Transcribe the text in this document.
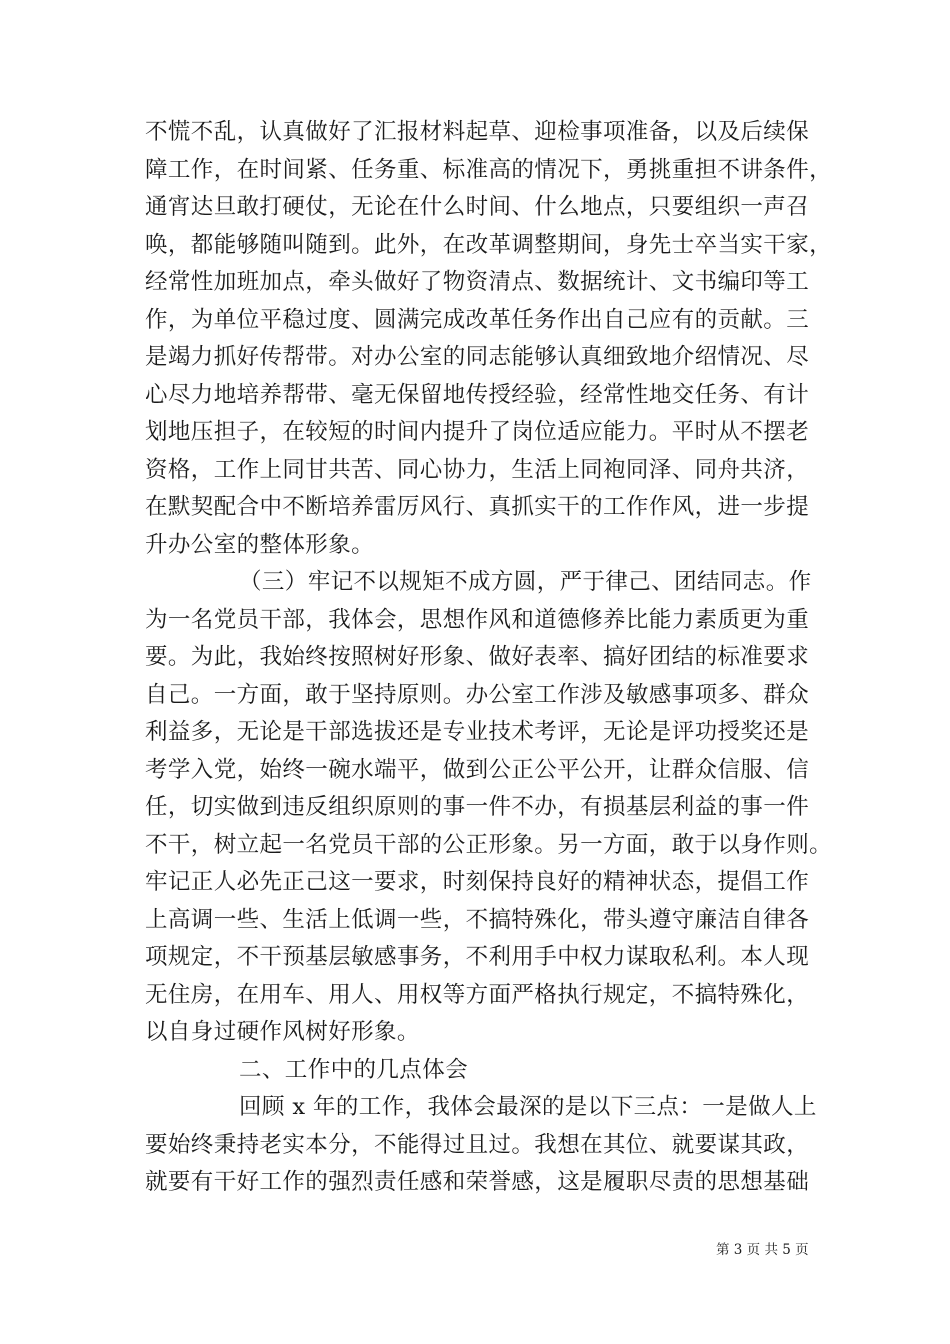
不慌不乱，认真做好了汇报材料起草、迎检事项准备，以及后续保
障工作，在时间紧、任务重、标准高的情况下，勇挑重担不讲条件，
通宵达旦敢打硬仗，无论在什么时间、什么地点，只要组织一声召
唤，都能够随叫随到。此外，在改革调整期间，身先士卒当实干家，
经常性加班加点，牵头做好了物资清点、数据统计、文书编印等工
作，为单位平稳过度、圆满完成改革任务作出自己应有的贡献。三
是竭力抓好传帮带。对办公室的同志能够认真细致地介绍情况、尽
心尽力地培养帮带、毫无保留地传授经验，经常性地交任务、有计
划地压担子，在较短的时间内提升了岗位适应能力。平时从不摆老
资格，工作上同甘共苦、同心协力，生活上同袍同泽、同舟共济，
在默契配合中不断培养雷厉风行、真抓实干的工作作风，进一步提
升办公室的整体形象。
（三）牢记不以规矩不成方圆，严于律己、团结同志。作
为一名党员干部，我体会，思想作风和道德修养比能力素质更为重
要。为此，我始终按照树好形象、做好表率、搞好团结的标准要求
自己。一方面，敢于坚持原则。办公室工作涉及敏感事项多、群众
利益多，无论是干部选拔还是专业技术考评，无论是评功授奖还是
考学入党，始终一碗水端平，做到公正公平公开，让群众信服、信
任，切实做到违反组织原则的事一件不办，有损基层利益的事一件
不干，树立起一名党员干部的公正形象。另一方面，敢于以身作则。
牢记正人必先正己这一要求，时刻保持良好的精神状态，提倡工作
上高调一些、生活上低调一些，不搞特殊化，带头遵守廉洁自律各
项规定，不干预基层敏感事务，不利用手中权力谋取私利。本人现
无住房，在用车、用人、用权等方面严格执行规定，不搞特殊化，
以自身过硬作风树好形象。
二、工作中的几点体会
回顾 x 年的工作，我体会最深的是以下三点：一是做人上
要始终秉持老实本分，不能得过且过。我想在其位、就要谋其政，
就要有干好工作的强烈责任感和荣誉感，这是履职尽责的思想基础
第 3 页 共 5 页
